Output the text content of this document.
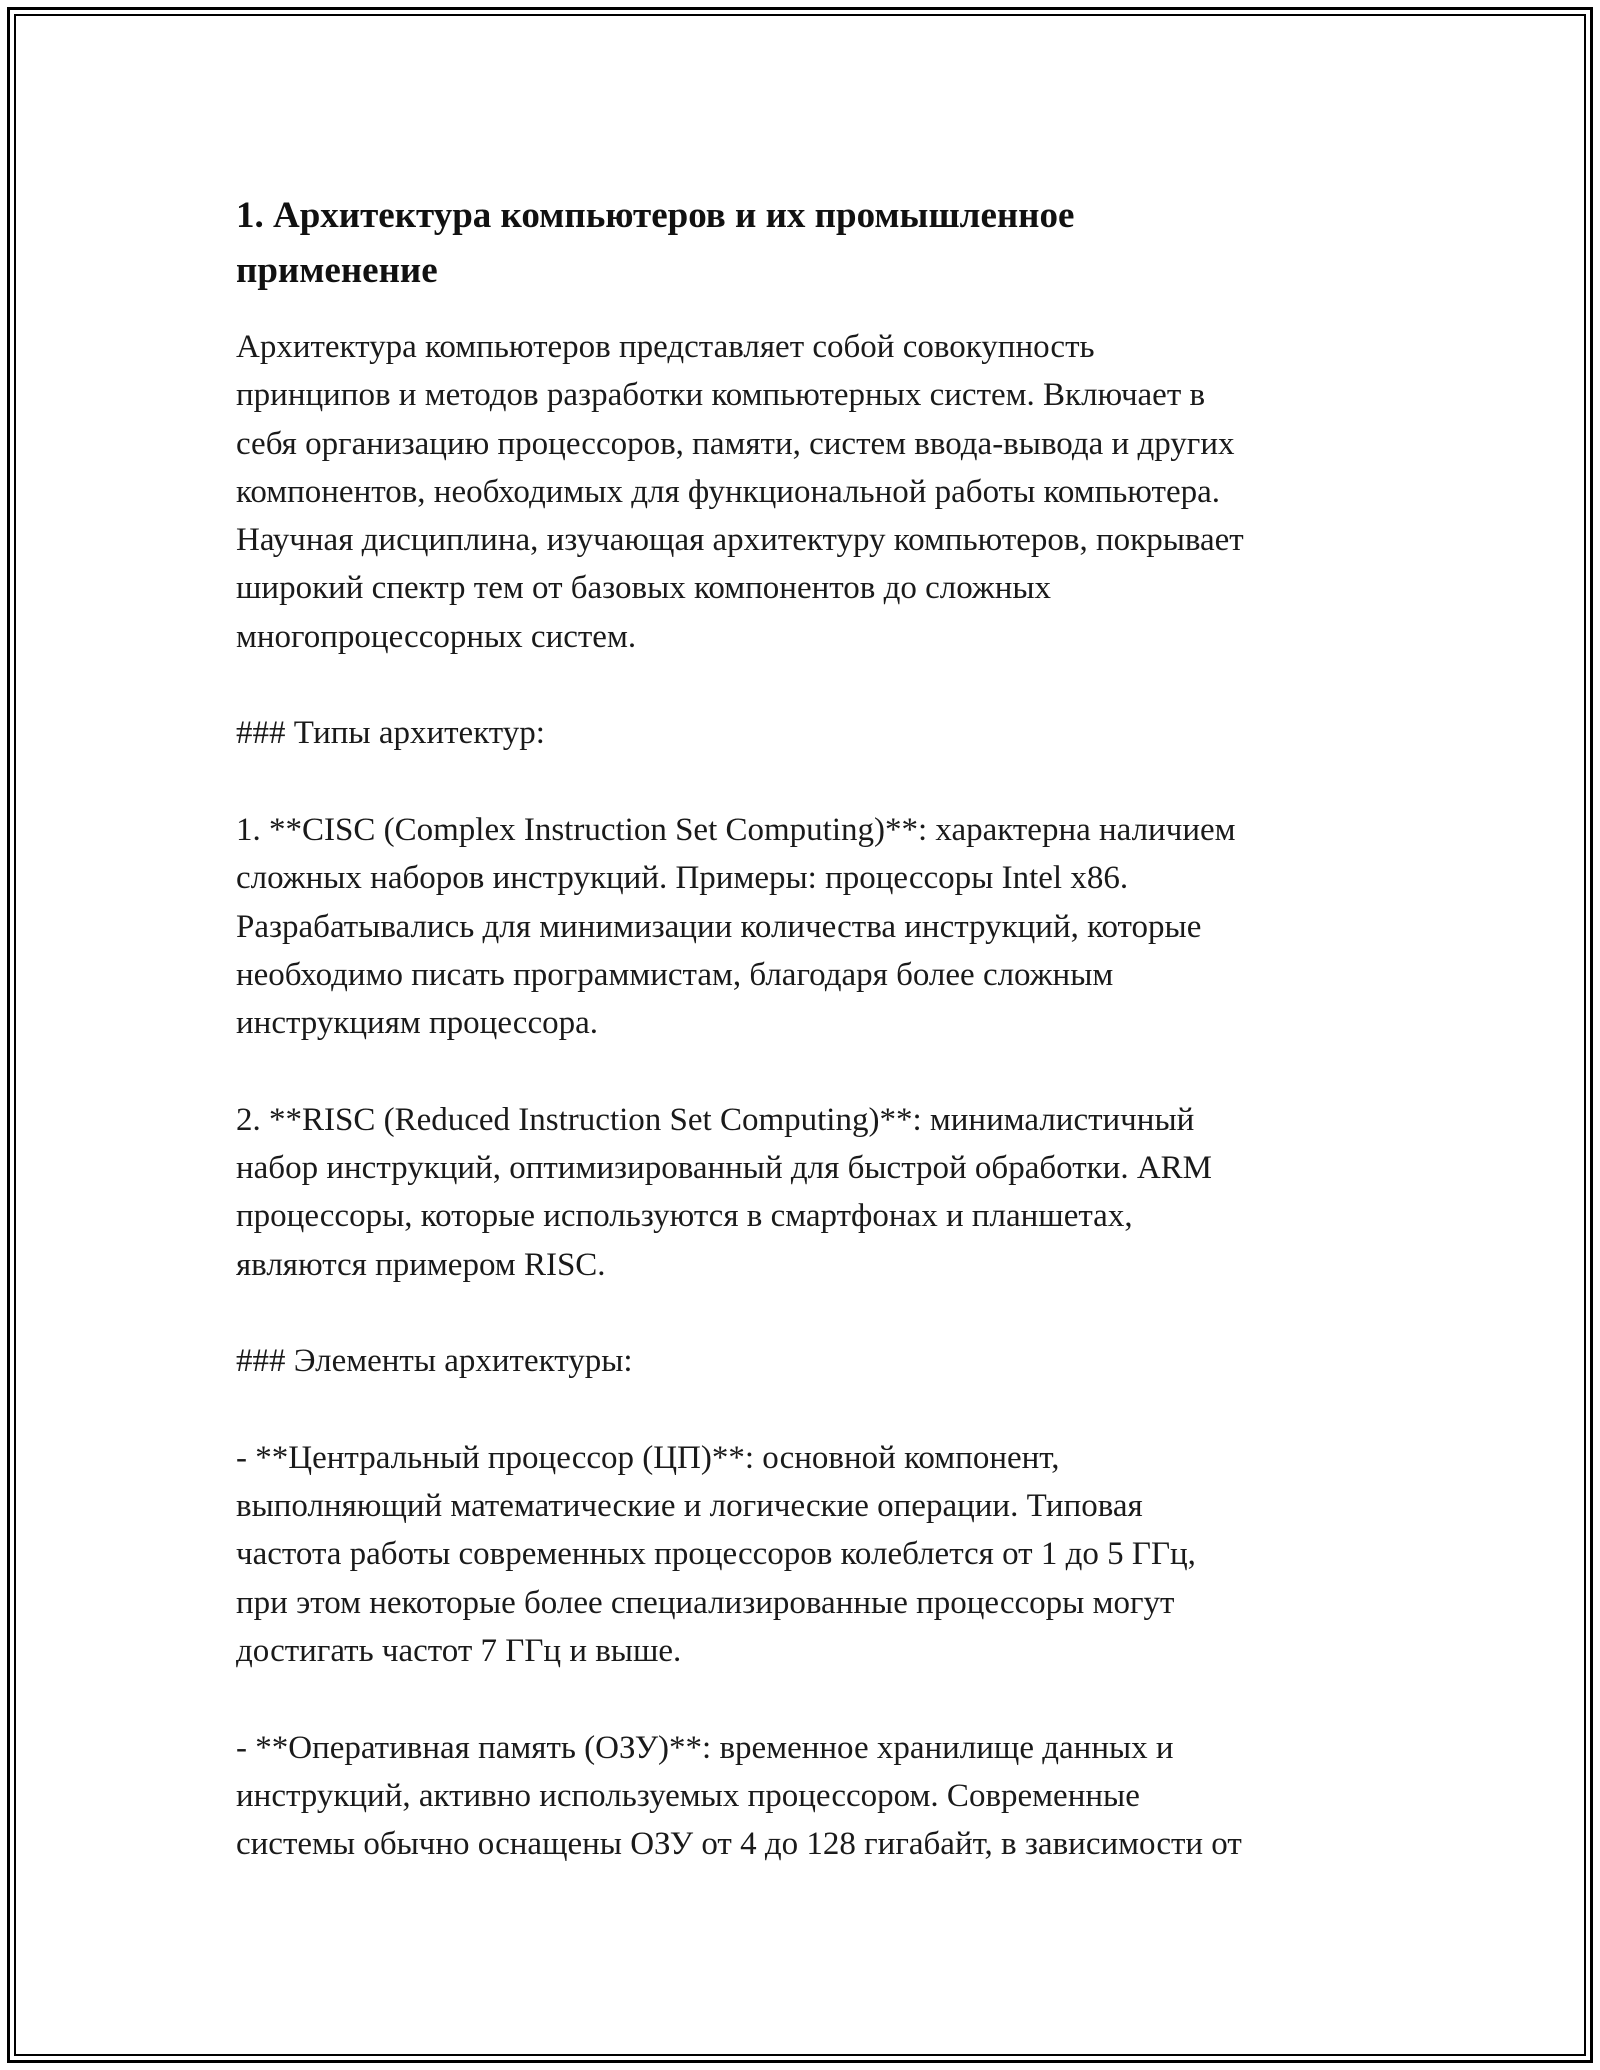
1. Архитектура компьютеров и их промышленное
применение
Архитектура компьютеров представляет собой совокупность
принципов и методов разработки компьютерных систем. Включает в
себя организацию процессоров, памяти, систем ввода-вывода и других
компонентов, необходимых для функциональной работы компьютера.
Научная дисциплина, изучающая архитектуру компьютеров, покрывает
широкий спектр тем от базовых компонентов до сложных
многопроцессорных систем.
### Типы архитектур:
1. **CISC (Complex Instruction Set Computing)**: характерна наличием
сложных наборов инструкций. Примеры: процессоры Intel x86.
Разрабатывались для минимизации количества инструкций, которые
необходимо писать программистам, благодаря более сложным
инструкциям процессора.
2. **RISC (Reduced Instruction Set Computing)**: минималистичный
набор инструкций, оптимизированный для быстрой обработки. ARM
процессоры, которые используются в смартфонах и планшетах,
являются примером RISC.
### Элементы архитектуры:
- **Центральный процессор (ЦП)**: основной компонент,
выполняющий математические и логические операции. Типовая
частота работы современных процессоров колеблется от 1 до 5 ГГц,
при этом некоторые более специализированные процессоры могут
достигать частот 7 ГГц и выше.
- **Оперативная память (ОЗУ)**: временное хранилище данных и
инструкций, активно используемых процессором. Современные
системы обычно оснащены ОЗУ от 4 до 128 гигабайт, в зависимости от
